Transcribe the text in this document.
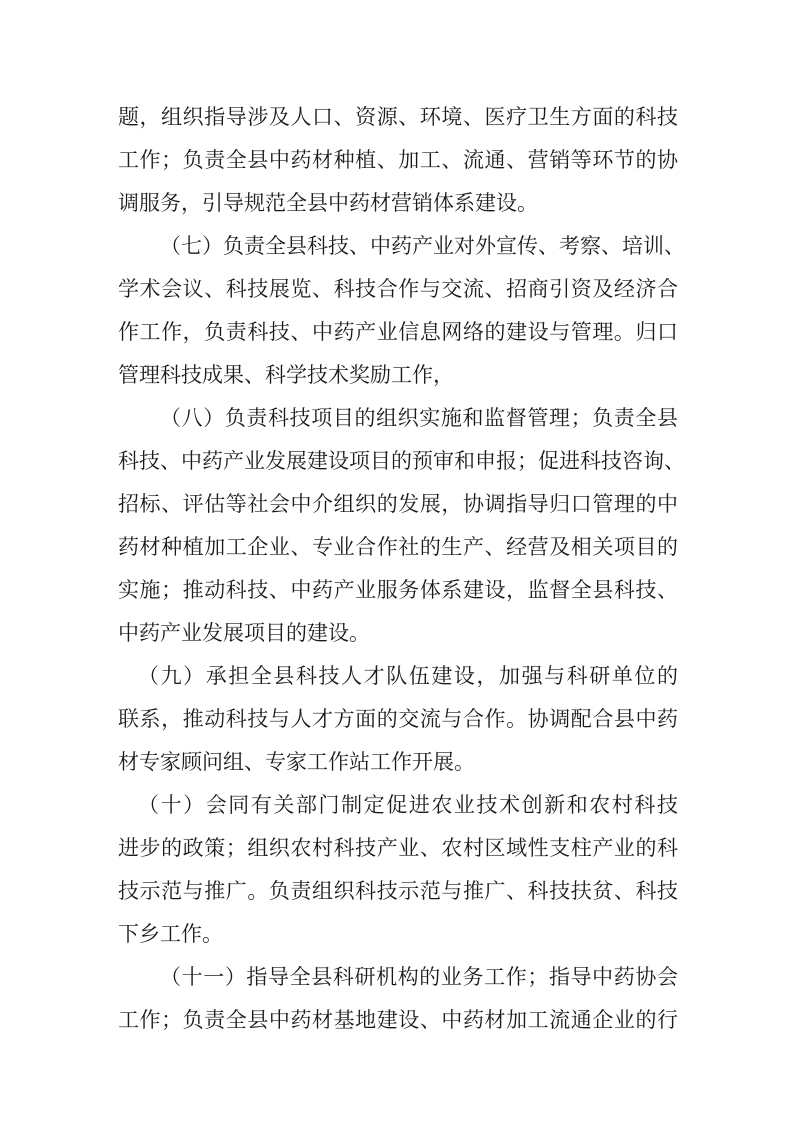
题，组织指导涉及人口、资源、环境、医疗卫生方面的科技

工作；负责全县中药材种植、加工、流通、营销等环节的协

调服务，引导规范全县中药材营销体系建设。

（七）负责全县科技、中药产业对外宣传、考察、培训、

学术会议、科技展览、科技合作与交流、招商引资及经济合

作工作，负责科技、中药产业信息网络的建设与管理。归口

管理科技成果、科学技术奖励工作，

（八）负责科技项目的组织实施和监督管理；负责全县

科技、中药产业发展建设项目的预审和申报；促进科技咨询、

招标、评估等社会中介组织的发展，协调指导归口管理的中

药材种植加工企业、专业合作社的生产、经营及相关项目的

实施；推动科技、中药产业服务体系建设，监督全县科技、

中药产业发展项目的建设。

（九）承担全县科技人才队伍建设，加强与科研单位的

联系，推动科技与人才方面的交流与合作。协调配合县中药

材专家顾问组、专家工作站工作开展。

（十）会同有关部门制定促进农业技术创新和农村科技

进步的政策；组织农村科技产业、农村区域性支柱产业的科

技示范与推广。负责组织科技示范与推广、科技扶贫、科技

下乡工作。

（十一）指导全县科研机构的业务工作；指导中药协会

工作；负责全县中药材基地建设、中药材加工流通企业的行
